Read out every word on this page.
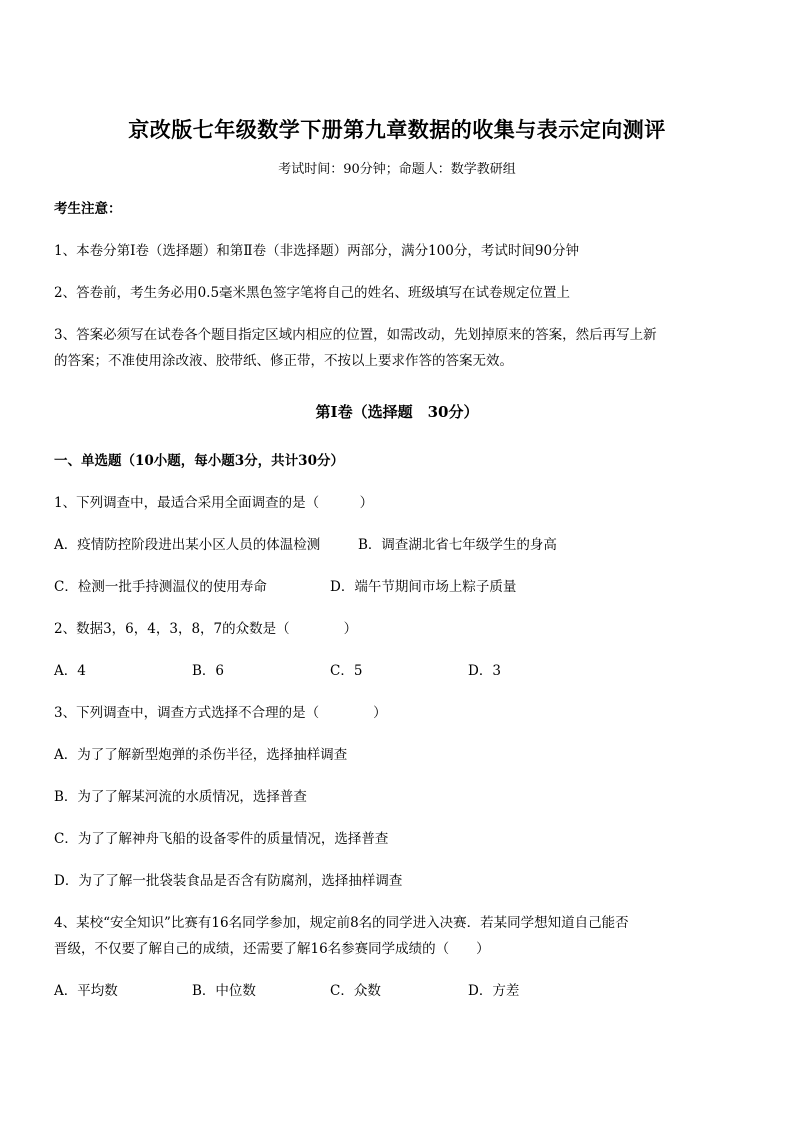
京改版七年级数学下册第九章数据的收集与表示定向测评
考试时间：90分钟；命题人：数学教研组
考生注意：
1、本卷分第Ⅰ卷（选择题）和第Ⅱ卷（非选择题）两部分，满分100分，考试时间90分钟
2、答卷前，考生务必用0.5毫米黑色签字笔将自己的姓名、班级填写在试卷规定位置上
3、答案必须写在试卷各个题目指定区域内相应的位置，如需改动，先划掉原来的答案，然后再写上新
的答案；不准使用涂改液、胶带纸、修正带，不按以上要求作答的答案无效。
第Ⅰ卷（选择题　30分）
一、单选题（10小题，每小题3分，共计30分）
1、下列调查中，最适合采用全面调查的是（　　　）
A．疫情防控阶段进出某小区人员的体温检测	B．调查湖北省七年级学生的身高
C．检测一批手持测温仪的使用寿命	D．端午节期间市场上粽子质量
2、数据3，6，4，3，8，7的众数是（　　　　）
A．4	B．6	C．5	D．3
3、下列调查中，调查方式选择不合理的是（　　　　）
A．为了了解新型炮弹的杀伤半径，选择抽样调查
B．为了了解某河流的水质情况，选择普查
C．为了了解神舟飞船的设备零件的质量情况，选择普查
D．为了了解一批袋装食品是否含有防腐剂，选择抽样调查
4、某校“安全知识”比赛有16名同学参加，规定前8名的同学进入决赛．若某同学想知道自己能否
晋级，不仅要了解自己的成绩，还需要了解16名参赛同学成绩的（　　）
A．平均数	B．中位数	C．众数	D．方差
